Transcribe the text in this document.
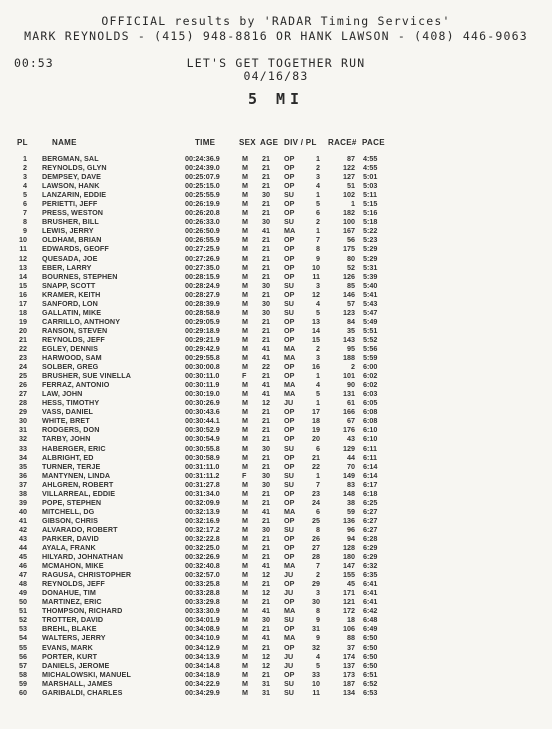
OFFICIAL results by 'RADAR Timing Services'
MARK REYNOLDS - (415) 948-8816 OR HANK LAWSON - (408) 446-9063
00:53	LET'S GET TOGETHER RUN
04/16/83
5 MI
PL	NAME	TIME	SEX AGE DIV / PL RACE# PACE
1 BERGMAN, SAL	00:24:36.9	M 21 OP	1	87 4:55
2 REYNOLDS, GLYN	00:24:39.0	M 21 OP	2	122 4:55
3 DEMPSEY, DAVE	00:25:07.9	M 21 OP	3	127 5:01
4 LAWSON, HANK	00:25:15.0	M 21 OP	4	51 5:03
5 LANZARIN, EDDIE	00:25:55.9	M 30 SU	1	102 5:11
6 PERIETTI, JEFF	00:26:19.9	M 21 OP	5	1 5:15
7 PRESS, WESTON	00:26:20.8	M 21 OP	6	182 5:16
8 BRUSHER, BILL	00:26:33.0	M 30 SU	2	100 5:18
9 LEWIS, JERRY	00:26:50.9	M 41 MA	1	167 5:22
10 OLDHAM, BRIAN	00:26:55.9	M 21 OP	7	56 5:23
11 EDWARDS, GEOFF	00:27:25.9	M 21 OP	8	175 5:29
12 QUESADA, JOE	00:27:26.9	M 21 OP	9	80 5:29
13 EBER, LARRY	00:27:35.0	M 21 OP	10	52 5:31
14 BOURNES, STEPHEN	00:28:15.9	M 21 OP	11	126 5:39
15 SNAPP, SCOTT	00:28:24.9	M 30 SU	3	85 5:40
16 KRAMER, KEITH	00:28:27.9	M 21 OP	12	146 5:41
17 SANFORD, LON	00:28:39.9	M 30 SU	4	57 5:43
18 GALLATIN, MIKE	00:28:58.9	M 30 SU	5	123 5:47
19 CARRILLO, ANTHONY	00:29:05.9	M 21 OP	13	84 5:49
20 RANSON, STEVEN	00:29:18.9	M 21 OP	14	35 5:51
21 REYNOLDS, JEFF	00:29:21.9	M 21 OP	15	143 5:52
22 EGLEY, DENNIS	00:29:42.9	M 41 MA	2	95 5:56
23 HARWOOD, SAM	00:29:55.8	M 41 MA	3	188 5:59
24 SOLBER, GREG	00:30:00.8	M 22 OP	16	2 6:00
25 BRUSHER, SUE VINELLA	00:30:11.0	F 21 OP	1	101 6:02
26 FERRAZ, ANTONIO	00:30:11.9	M 41 MA	4	90 6:02
27 LAW, JOHN	00:30:19.0	M 41 MA	5	131 6:03
28 HESS, TIMOTHY	00:30:26.9	M 12 JU	1	61 6:05
29 VASS, DANIEL	00:30:43.6	M 21 OP	17	166 6:08
30 WHITE, BRET	00:30:44.1	M 21 OP	18	67 6:08
31 RODGERS, DON	00:30:52.9	M 21 OP	19	176 6:10
32 TARBY, JOHN	00:30:54.9	M 21 OP	20	43 6:10
33 HABERGER, ERIC	00:30:55.8	M 30 SU	6	129 6:11
34 ALBRIGHT, ED	00:30:58.9	M 21 OP	21	44 6:11
35 TURNER, TERJE	00:31:11.0	M 21 OP	22	70 6:14
36 MANTYNEN, LINDA	00:31:11.2	F 30 SU	1	149 6:14
37 AHLGREN, ROBERT	00:31:27.8	M 30 SU	7	83 6:17
38 VILLARREAL, EDDIE	00:31:34.0	M 21 OP	23	148 6:18
39 POPE, STEPHEN	00:32:09.9	M 21 OP	24	38 6:25
40 MITCHELL, DG	00:32:13.9	M 41 MA	6	59 6:27
41 GIBSON, CHRIS	00:32:16.9	M 21 OP	25	136 6:27
42 ALVARADO, ROBERT	00:32:17.2	M 30 SU	8	96 6:27
43 PARKER, DAVID	00:32:22.8	M 21 OP	26	94 6:28
44 AYALA, FRANK	00:32:25.0	M 21 OP	27	128 6:29
45 HILYARD, JOHNATHAN	00:32:26.9	M 21 OP	28	180 6:29
46 MCMAHON, MIKE	00:32:40.8	M 41 MA	7	147 6:32
47 RAGUSA, CHRISTOPHER	00:32:57.0	M 12 JU	2	155 6:35
48 REYNOLDS, JEFF	00:33:25.8	M 21 OP	29	45 6:41
49 DONAHUE, TIM	00:33:28.8	M 12 JU	3	171 6:41
50 MARTINEZ, ERIC	00:33:29.8	M 21 OP	30	121 6:41
51 THOMPSON, RICHARD	00:33:30.9	M 41 MA	8	172 6:42
52 TROTTER, DAVID	00:34:01.9	M 30 SU	9	18 6:48
53 BREHL, BLAKE	00:34:08.9	M 21 OP	31	106 6:49
54 WALTERS, JERRY	00:34:10.9	M 41 MA	9	88 6:50
55 EVANS, MARK	00:34:12.9	M 21 OP	32	37 6:50
56 PORTER, KURT	00:34:13.9	M 12 JU	4	174 6:50
57 DANIELS, JEROME	00:34:14.8	M 12 JU	5	137 6:50
58 MICHALOWSKI, MANUEL	00:34:18.9	M 21 OP	33	173 6:51
59 MARSHALL, JAMES	00:34:22.9	M 31 SU	10	187 6:52
60 GARIBALDI, CHARLES	00:34:29.9	M 31 SU	11	134 6:53
